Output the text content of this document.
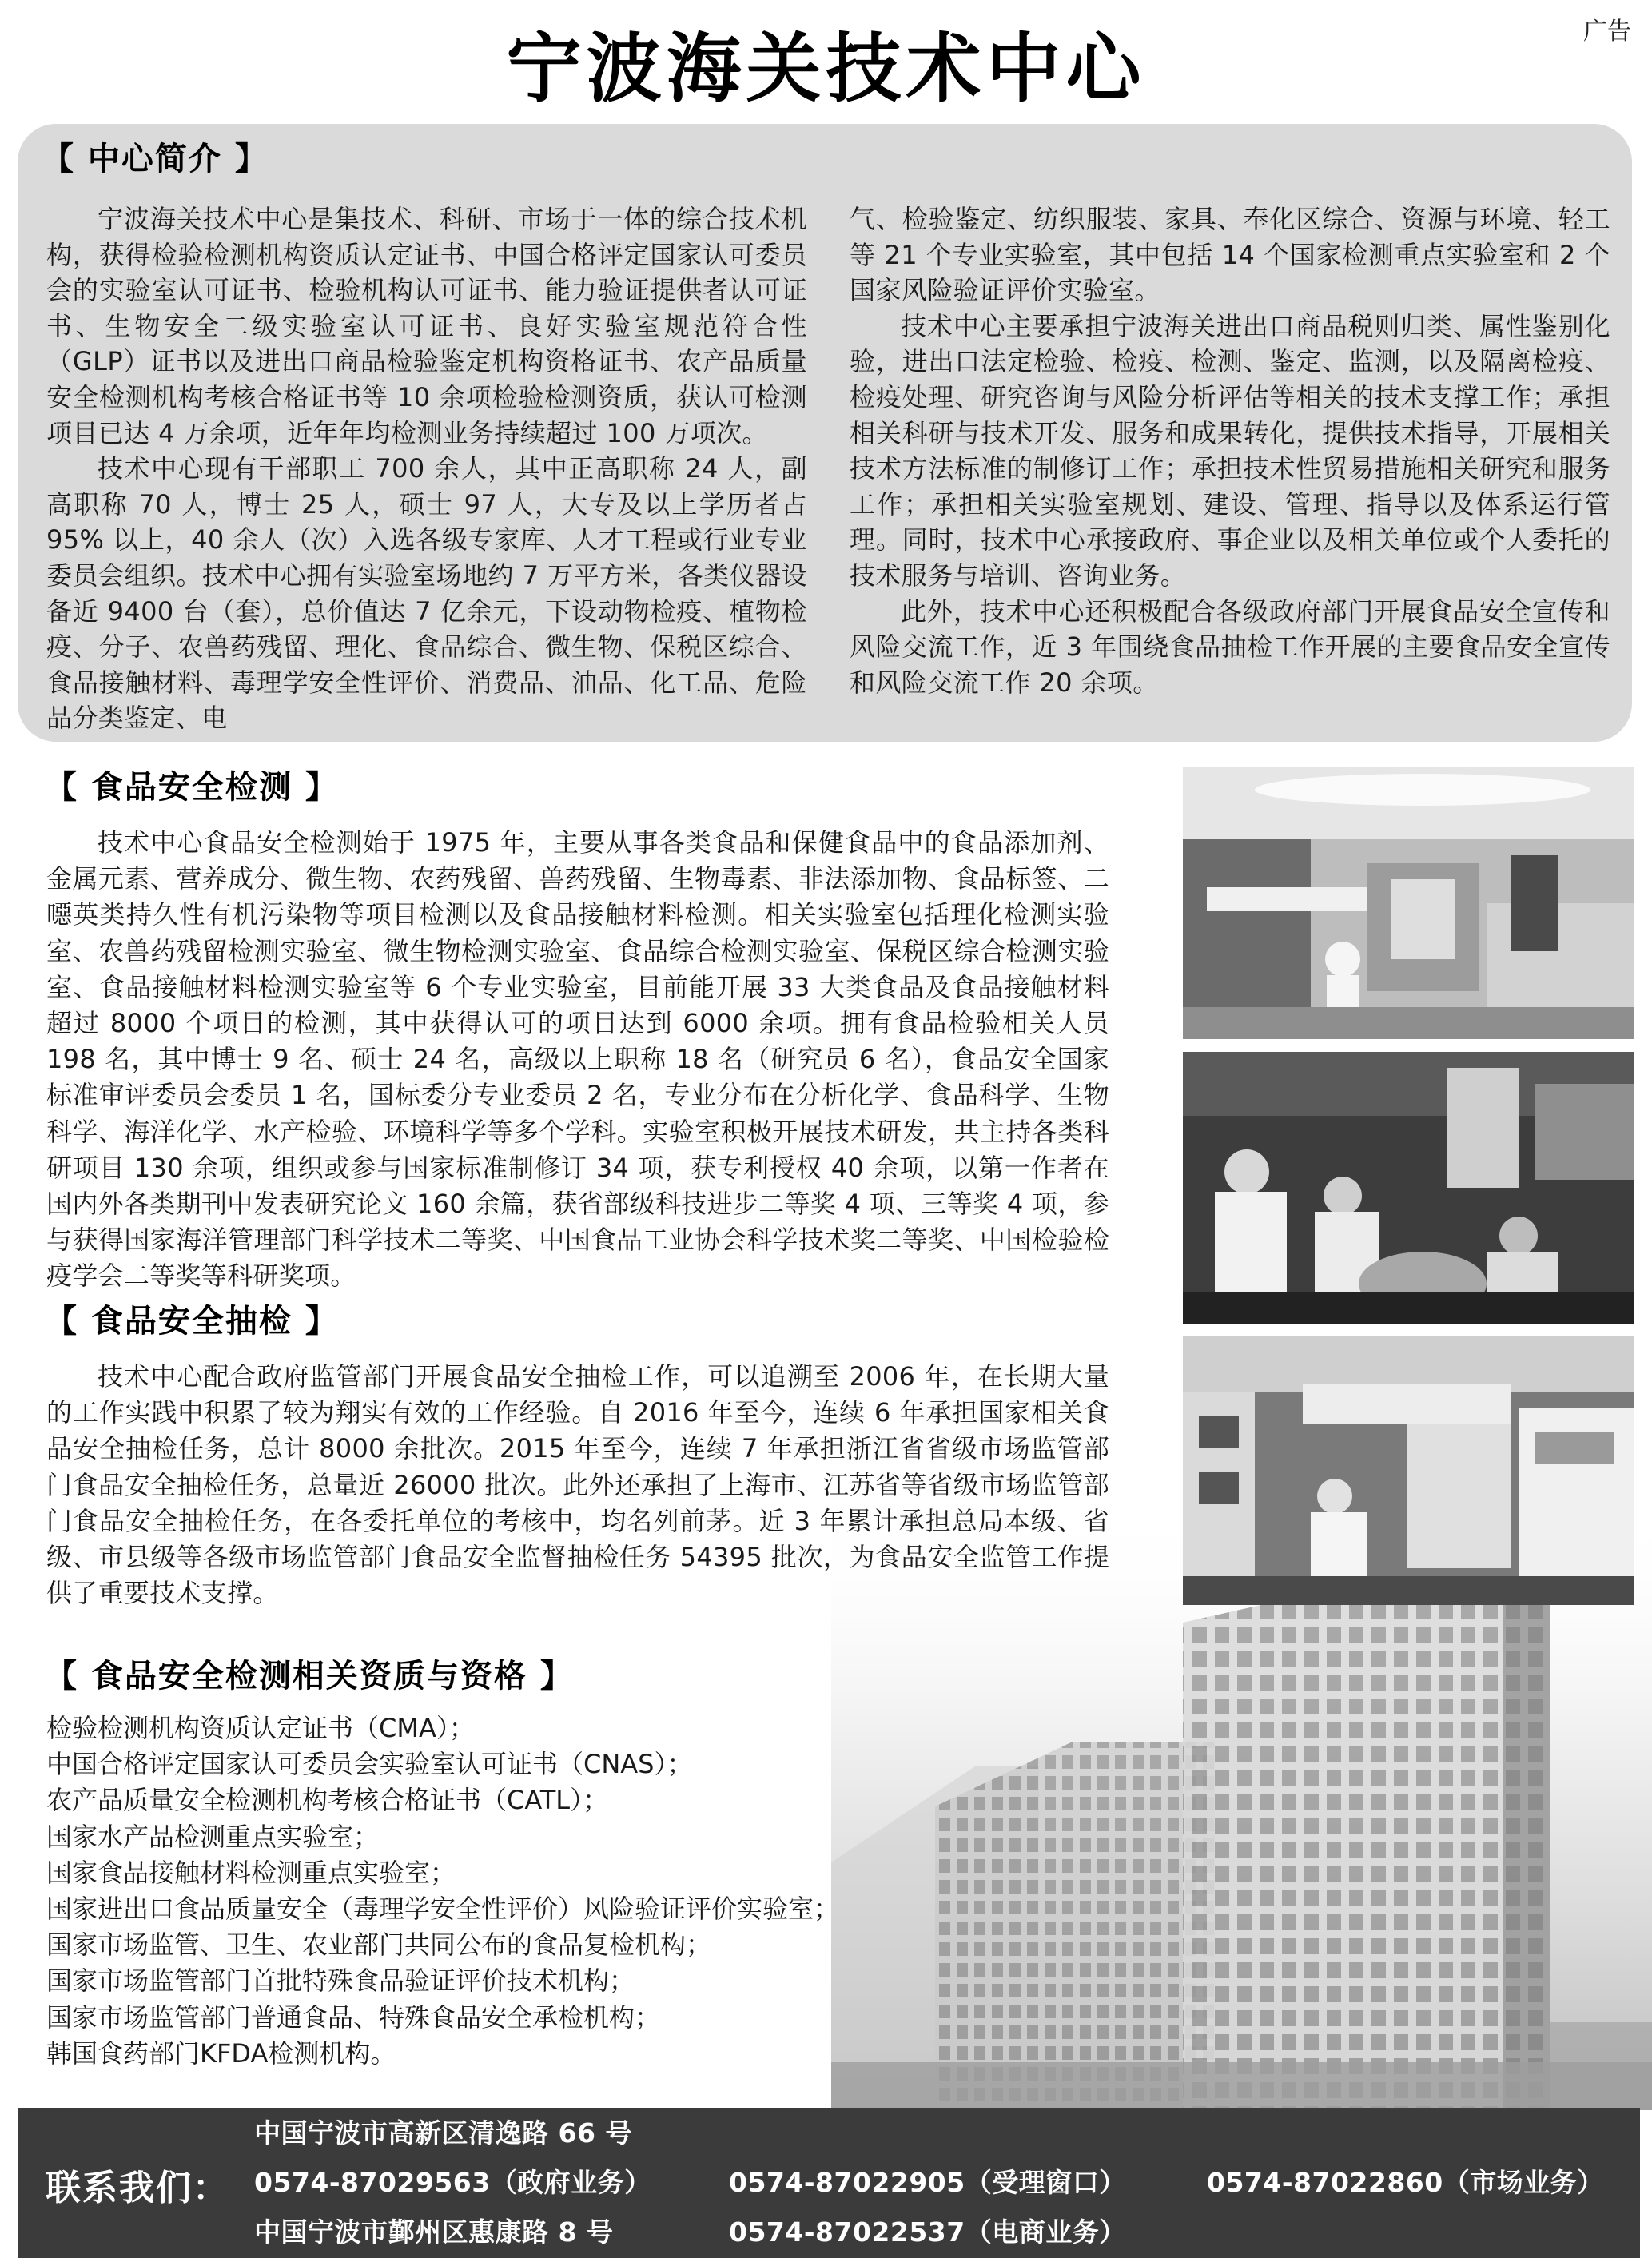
广告
宁波海关技术中心
【 中心简介 】

宁波海关技术中心是集技术、科研、市场于一体的综合技术机构，获得检验检测机构资质认定证书、中国合格评定国家认可委员会的实验室认可证书、检验机构认可证书、能力验证提供者认可证书、生物安全二级实验室认可证书、良好实验室规范符合性（GLP）证书以及进出口商品检验鉴定机构资格证书、农产品质量安全检测机构考核合格证书等 10 余项检验检测资质，获认可检测项目已达 4 万余项，近年年均检测业务持续超过 100 万项次。

技术中心现有干部职工 700 余人，其中正高职称 24 人，副高职称 70 人，博士 25 人，硕士 97 人，大专及以上学历者占 95% 以上，40 余人（次）入选各级专家库、人才工程或行业专业委员会组织。技术中心拥有实验室场地约 7 万平方米，各类仪器设备近 9400 台（套），总价值达 7 亿余元，下设动物检疫、植物检疫、分子、农兽药残留、理化、食品综合、微生物、保税区综合、食品接触材料、毒理学安全性评价、消费品、油品、化工品、危险品分类鉴定、电

气、检验鉴定、纺织服装、家具、奉化区综合、资源与环境、轻工等 21 个专业实验室，其中包括 14 个国家检测重点实验室和 2 个国家风险验证评价实验室。

技术中心主要承担宁波海关进出口商品税则归类、属性鉴别化验，进出口法定检验、检疫、检测、鉴定、监测，以及隔离检疫、检疫处理、研究咨询与风险分析评估等相关的技术支撑工作；承担相关科研与技术开发、服务和成果转化，提供技术指导，开展相关技术方法标准的制修订工作；承担技术性贸易措施相关研究和服务工作；承担相关实验室规划、建设、管理、指导以及体系运行管理。同时，技术中心承接政府、事企业以及相关单位或个人委托的技术服务与培训、咨询业务。

此外，技术中心还积极配合各级政府部门开展食品安全宣传和风险交流工作，近 3 年围绕食品抽检工作开展的主要食品安全宣传和风险交流工作 20 余项。

【 食品安全检测 】

技术中心食品安全检测始于 1975 年，主要从事各类食品和保健食品中的食品添加剂、金属元素、营养成分、微生物、农药残留、兽药残留、生物毒素、非法添加物、食品标签、二噁英类持久性有机污染物等项目检测以及食品接触材料检测。相关实验室包括理化检测实验室、农兽药残留检测实验室、微生物检测实验室、食品综合检测实验室、保税区综合检测实验室、食品接触材料检测实验室等 6 个专业实验室，目前能开展 33 大类食品及食品接触材料超过 8000 个项目的检测，其中获得认可的项目达到 6000 余项。拥有食品检验相关人员 198 名，其中博士 9 名、硕士 24 名，高级以上职称 18 名（研究员 6 名），食品安全国家标准审评委员会委员 1 名，国标委分专业委员 2 名，专业分布在分析化学、食品科学、生物科学、海洋化学、水产检验、环境科学等多个学科。实验室积极开展技术研发，共主持各类科研项目 130 余项，组织或参与国家标准制修订 34 项，获专利授权 40 余项，以第一作者在国内外各类期刊中发表研究论文 160 余篇，获省部级科技进步二等奖 4 项、三等奖 4 项，参与获得国家海洋管理部门科学技术二等奖、中国食品工业协会科学技术奖二等奖、中国检验检疫学会二等奖等科研奖项。

【 食品安全抽检 】

技术中心配合政府监管部门开展食品安全抽检工作，可以追溯至 2006 年，在长期大量的工作实践中积累了较为翔实有效的工作经验。自 2016 年至今，连续 6 年承担国家相关食品安全抽检任务，总计 8000 余批次。2015 年至今，连续 7 年承担浙江省省级市场监管部门食品安全抽检任务，总量近 26000 批次。此外还承担了上海市、江苏省等省级市场监管部门食品安全抽检任务，在各委托单位的考核中，均名列前茅。近 3 年累计承担总局本级、省级、市县级等各级市场监管部门食品安全监督抽检任务 54395 批次，为食品安全监管工作提供了重要技术支撑。

【 食品安全检测相关资质与资格 】
检验检测机构资质认定证书（CMA）；
中国合格评定国家认可委员会实验室认可证书（CNAS）；
农产品质量安全检测机构考核合格证书（CATL）；
国家水产品检测重点实验室；
国家食品接触材料检测重点实验室；
国家进出口食品质量安全（毒理学安全性评价）风险验证评价实验室；
国家市场监管、卫生、农业部门共同公布的食品复检机构；
国家市场监管部门首批特殊食品验证评价技术机构；
国家市场监管部门普通食品、特殊食品安全承检机构；
韩国食药部门KFDA检测机构。
联系我们：
中国宁波市高新区清逸路 66 号
0574-87029563（政府业务）	0574-87022905（受理窗口）	0574-87022860（市场业务）
中国宁波市鄞州区惠康路 8 号	0574-87022537（电商业务）
